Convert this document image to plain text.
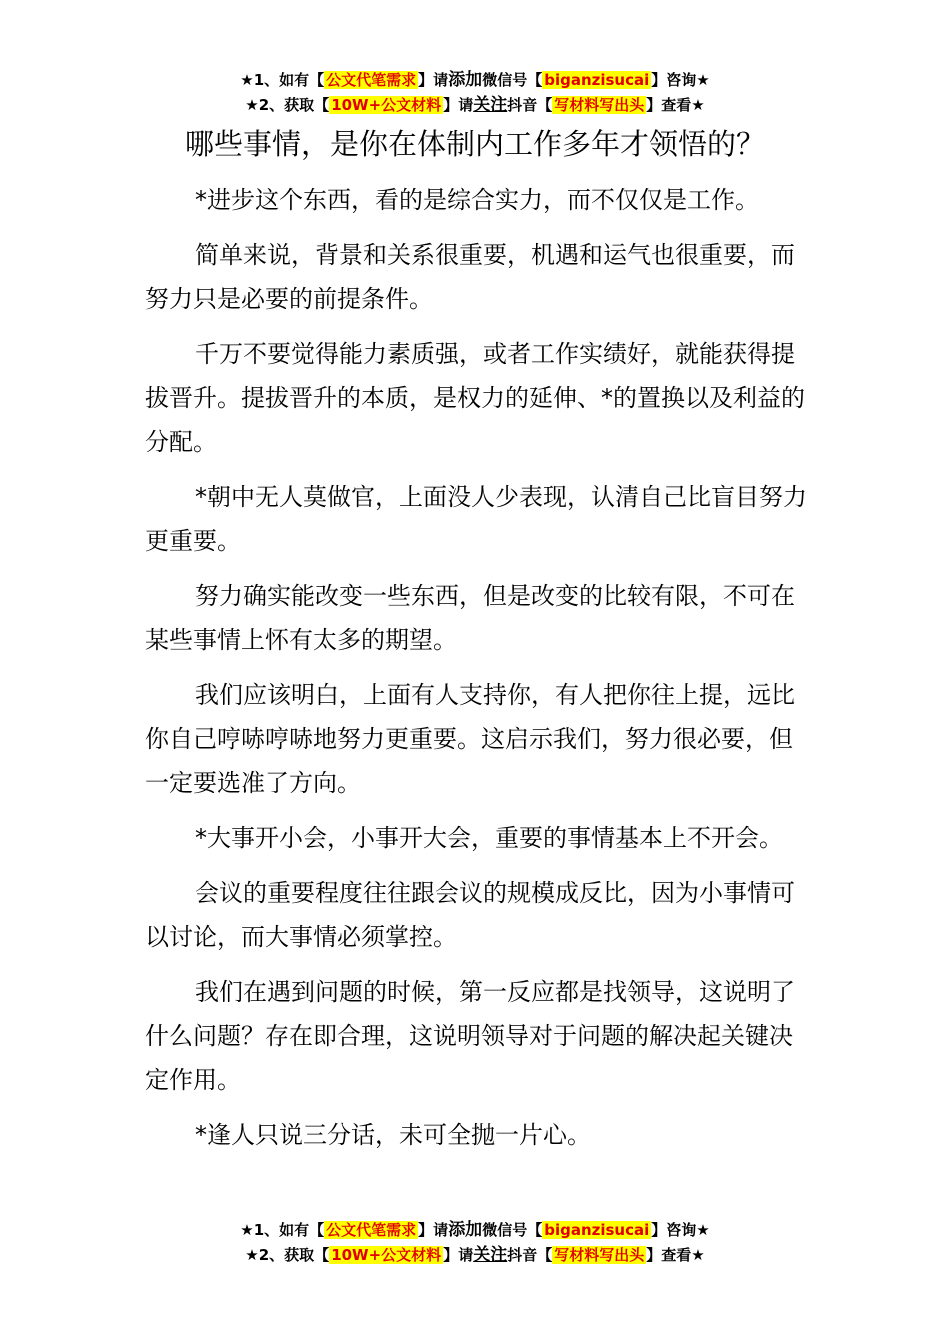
★1、如有【 公文代笔需求 】请添加微信号【 biganzisucai 】咨询★
★2、获取【 10W+公文材料 】请关注抖音【 写材料写出头 】查看★
哪些事情，是你在体制内工作多年才领悟的？

*进步这个东西，看的是综合实力，而不仅仅是工作。

简单来说，背景和关系很重要，机遇和运气也很重要，而努力只是必要的前提条件。

千万不要觉得能力素质强，或者工作实绩好，就能获得提拔晋升。提拔晋升的本质，是权力的延伸、*的置换以及利益的分配。

*朝中无人莫做官，上面没人少表现，认清自己比盲目努力更重要。

努力确实能改变一些东西，但是改变的比较有限，不可在某些事情上怀有太多的期望。

我们应该明白，上面有人支持你，有人把你往上提，远比你自己哼哧哼哧地努力更重要。这启示我们，努力很必要，但一定要选准了方向。

*大事开小会，小事开大会，重要的事情基本上不开会。

会议的重要程度往往跟会议的规模成反比，因为小事情可以讨论，而大事情必须掌控。

我们在遇到问题的时候，第一反应都是找领导，这说明了什么问题？存在即合理，这说明领导对于问题的解决起关键决定作用。

*逢人只说三分话，未可全抛一片心。

★1、如有【 公文代笔需求 】请添加微信号【 biganzisucai 】咨询★
★2、获取【 10W+公文材料 】请关注抖音【 写材料写出头 】查看★
